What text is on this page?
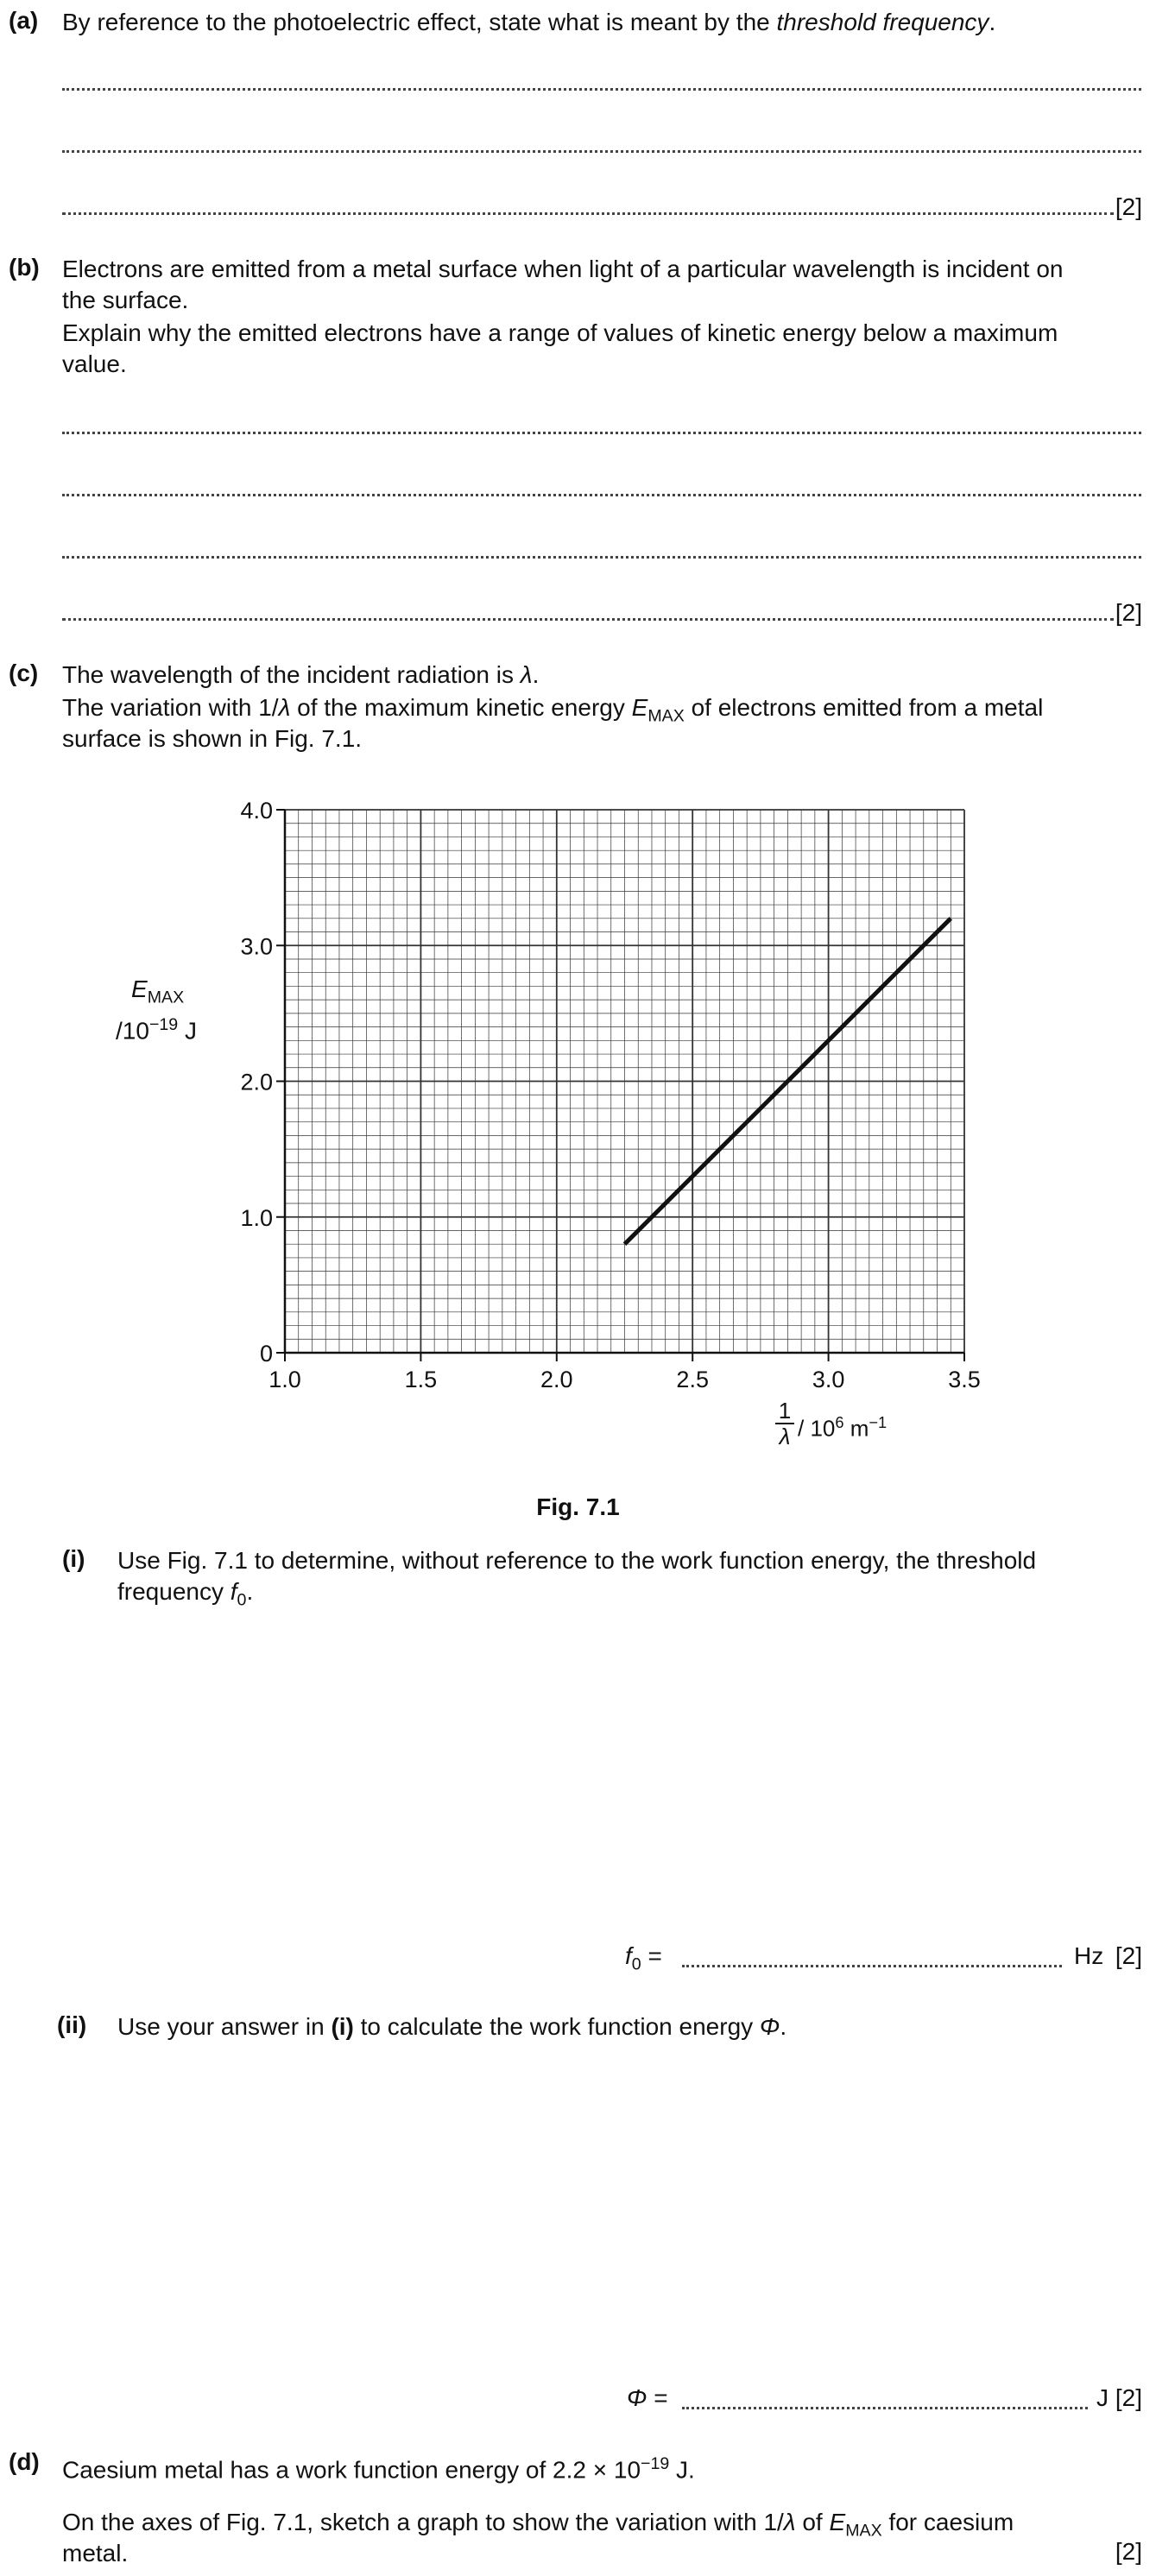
(a) By reference to the photoelectric effect, state what is meant by the threshold frequency.
[2]
(b) Electrons are emitted from a metal surface when light of a particular wavelength is incident on
the surface.
Explain why the emitted electrons have a range of values of kinetic energy below a maximum
value.
[2]
(c) The wavelength of the incident radiation is λ.
The variation with 1/λ of the maximum kinetic energy $E_{MAX}$ of electrons emitted from a metal
surface is shown in Fig. 7.1.
1.0	1.5	2.0	2.5	3.0	3.5
0
1.0
2.0
3.0
4.0
$E_{MAX}$
$/10^{-19}$ J
1
λ / $10^6$ $m^{-1}$
Fig. 7.1
(i) Use Fig. 7.1 to determine, without reference to the work function energy, the threshold
frequency $f_0$.
$f_0$ =	Hz [2]
(ii) Use your answer in (i) to calculate the work function energy Φ.
Φ =	J [2]
(d) Caesium metal has a work function energy of $2.2 \times 10^{-19}$ J.
On the axes of Fig. 7.1, sketch a graph to show the variation with 1/λ of $E_{MAX}$ for caesium
metal.	[2]
